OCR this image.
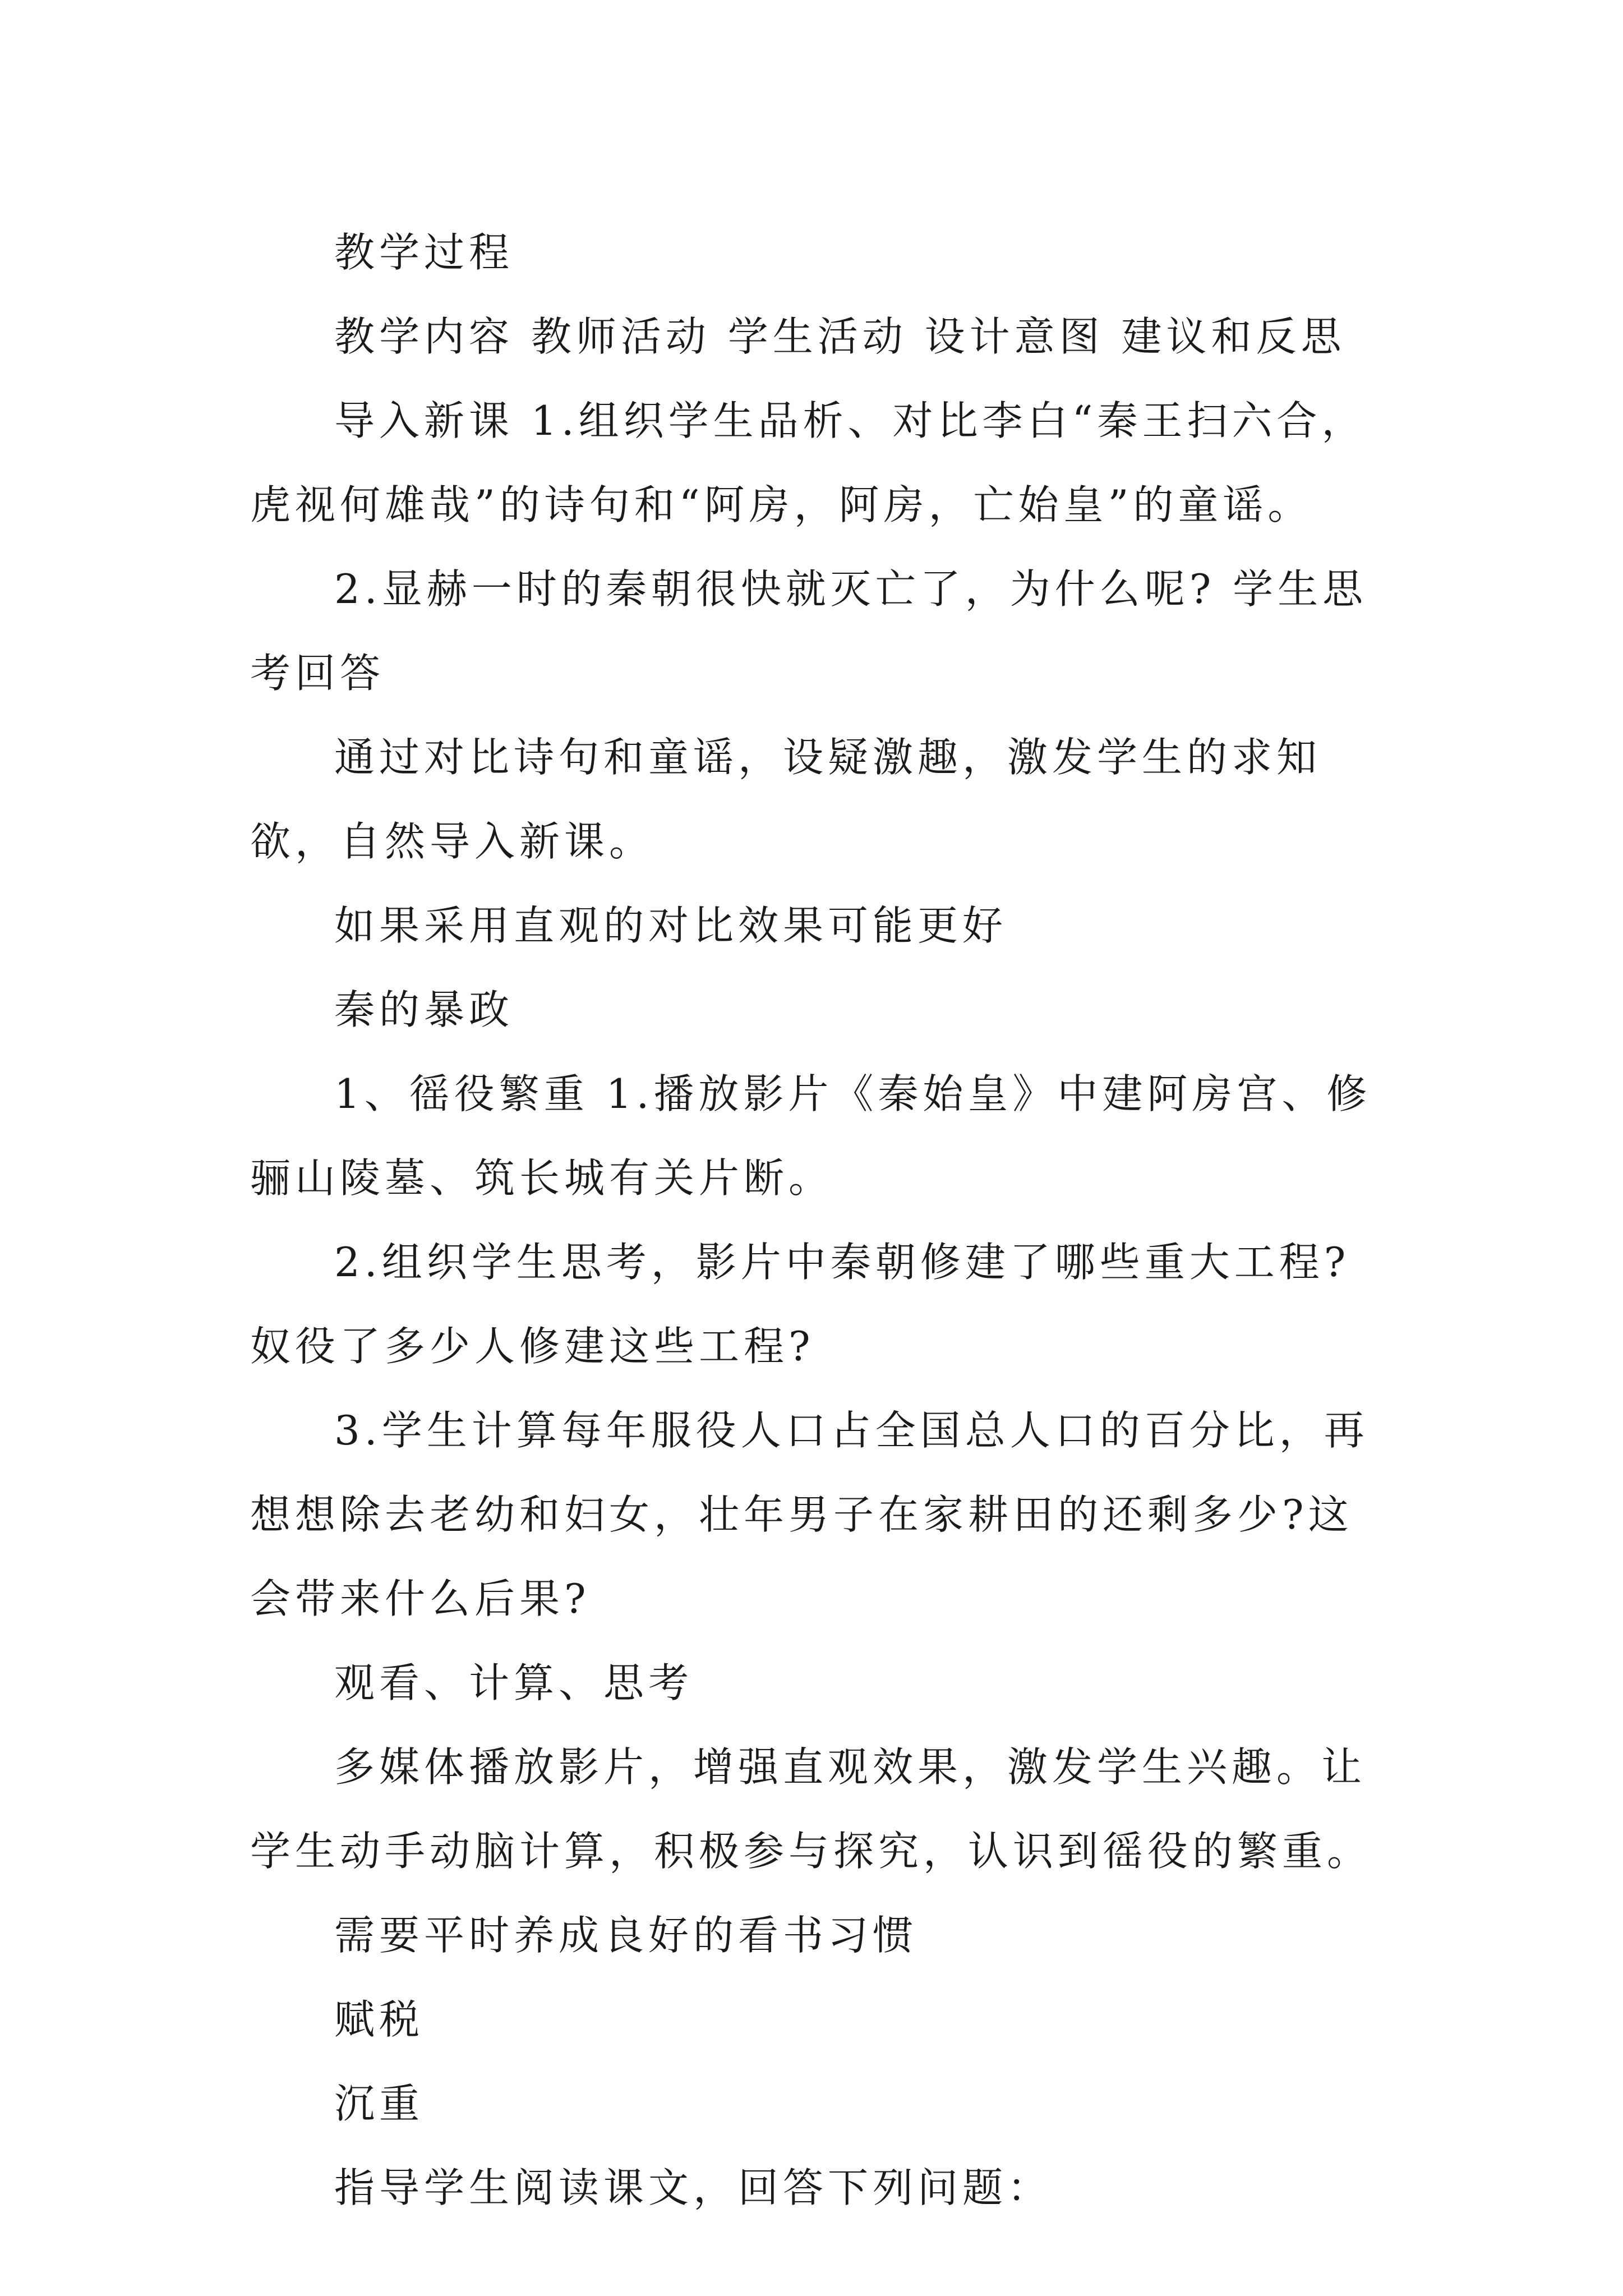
教学过程

教学内容 教师活动 学生活动 设计意图 建议和反思

导入新课 1.组织学生品析、对比李白“秦王扫六合，虎视何雄哉”的诗句和“阿房，阿房，亡始皇”的童谣。

2.显赫一时的秦朝很快就灭亡了，为什么呢? 学生思考回答

通过对比诗句和童谣，设疑激趣，激发学生的求知欲，自然导入新课。

如果采用直观的对比效果可能更好

秦的暴政

1、徭役繁重 1.播放影片《秦始皇》中建阿房宫、修骊山陵墓、筑长城有关片断。

2.组织学生思考，影片中秦朝修建了哪些重大工程?奴役了多少人修建这些工程?

3.学生计算每年服役人口占全国总人口的百分比，再想想除去老幼和妇女，壮年男子在家耕田的还剩多少?这会带来什么后果?

观看、计算、思考

多媒体播放影片，增强直观效果，激发学生兴趣。让学生动手动脑计算，积极参与探究，认识到徭役的繁重。

需要平时养成良好的看书习惯

赋税

沉重

指导学生阅读课文，回答下列问题：
